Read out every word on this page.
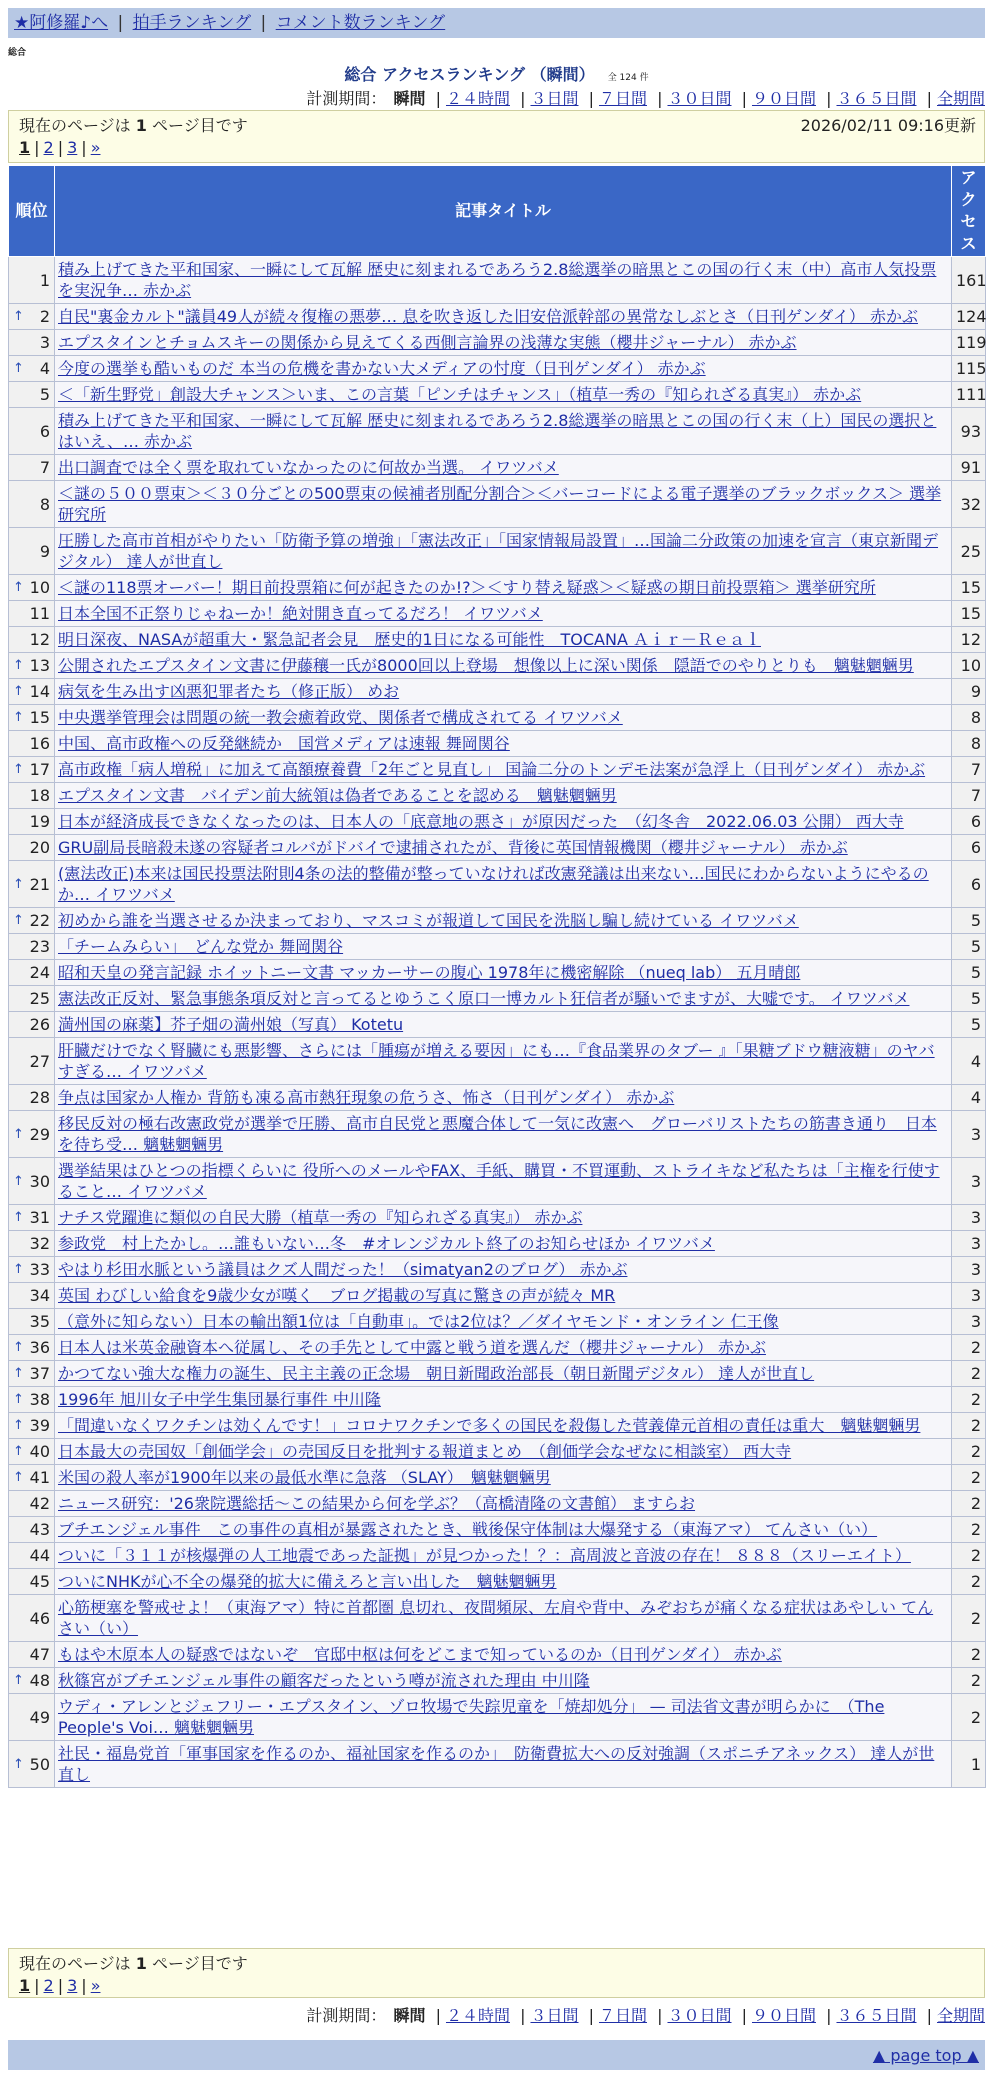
★阿修羅♪へ | 拍手ランキング | コメント数ランキング
総合
総合 アクセスランキング （瞬間） 全 124 件
計測期間： 瞬間 | ２４時間 | ３日間 | ７日間 | ３０日間 | ９０日間 | ３６５日間 | 全期間
現在のページは 1 ページ目です	2026/02/11 09:16更新
1 | 2 | 3 | »
順位	記事タイトル	アクセス
1	積み上げてきた平和国家、一瞬にして瓦解 歴史に刻まれるであろう2.8総選挙の暗黒とこの国の行く末（中）高市人気投票を実況争… 赤かぶ	161

↑ 2	自民"裏金カルト"議員49人が続々復権の悪夢… 息を吹き返した旧安倍派幹部の異常なしぶとさ（日刊ゲンダイ） 赤かぶ	124
3	エプスタインとチョムスキーの関係から見えてくる西側言論界の浅薄な実態（櫻井ジャーナル） 赤かぶ	119

↑ 4	今度の選挙も酷いものだ 本当の危機を書かない大メディアの忖度（日刊ゲンダイ） 赤かぶ	115
5	＜「新生野党」創設大チャンス＞いま、この言葉「ピンチはチャンス」（植草一秀の『知られざる真実』） 赤かぶ	111
6	積み上げてきた平和国家、一瞬にして瓦解 歴史に刻まれるであろう2.8総選挙の暗黒とこの国の行く末（上）国民の選択とはいえ、… 赤かぶ	93
7	出口調査では全く票を取れていなかったのに何故か当選。 イワツバメ	91
8	＜謎の５００票束＞＜３０分ごとの500票束の候補者別配分割合＞＜バーコードによる電子選挙のブラックボックス＞ 選挙研究所	32
9	圧勝した高市首相がやりたい「防衛予算の増強」「憲法改正」「国家情報局設置」…国論二分政策の加速を宣言（東京新聞デジタル） 達人が世直し	25

↑ 10	＜謎の118票オーバー！期日前投票箱に何が起きたのか!?＞＜すり替え疑惑＞＜疑惑の期日前投票箱＞ 選挙研究所	15
11	日本全国不正祭りじゃねーか！絶対開き直ってるだろ！ イワツバメ	15
12	明日深夜、NASAが超重大・緊急記者会見　歴史的1日になる可能性　TOCANA Ａｉｒ－Ｒｅａｌ	12

↑ 13	公開されたエプスタイン文書に伊藤穰一氏が8000回以上登場　想像以上に深い関係　隠語でのやりとりも　魑魅魍魎男	10

↑ 14	病気を生み出す凶悪犯罪者たち（修正版） めお	9

↑ 15	中央選挙管理会は問題の統一教会癒着政党、関係者で構成されてる イワツバメ	8
16	中国、高市政権への反発継続か　国営メディアは速報 舞岡関谷	8

↑ 17	高市政権「病人増税」に加えて高額療養費「2年ごと見直し」 国論二分のトンデモ法案が急浮上（日刊ゲンダイ） 赤かぶ	7
18	エプスタイン文書　バイデン前大統領は偽者であることを認める　魑魅魍魎男	7
19	日本が経済成長できなくなったのは、日本人の「底意地の悪さ」が原因だった　（幻冬舎　2022.06.03 公開） 西大寺	6
20	GRU副局長暗殺未遂の容疑者コルバがドバイで逮捕されたが、背後に英国情報機関（櫻井ジャーナル） 赤かぶ	6

↑ 21	(憲法改正)本来は国民投票法附則4条の法的整備が整っていなければ改憲発議は出来ない…国民にわからないようにやるのか… イワツバメ	6

↑ 22	初めから誰を当選させるか決まっており、マスコミが報道して国民を洗脳し騙し続けている イワツバメ	5
23	「チームみらい」　どんな党か 舞岡関谷	5
24	昭和天皇の発言記録 ホイットニー文書 マッカーサーの腹心 1978年に機密解除 （nueq lab） 五月晴郎	5
25	憲法改正反対、緊急事態条項反対と言ってるとゆうこく原口一博カルト狂信者が騒いでますが、大嘘です。 イワツバメ	5
26	満州国の麻薬】芥子畑の満州娘（写真） Kotetu	5
27	肝臓だけでなく腎臓にも悪影響、さらには「腫瘍が増える要因」にも…『食品業界のタブー 』「果糖ブドウ糖液糖」のヤバすぎる… イワツバメ	4
28	争点は国家か人権か 背筋も凍る高市熱狂現象の危うさ、怖さ（日刊ゲンダイ） 赤かぶ	4

↑ 29	移民反対の極右改憲政党が選挙で圧勝、高市自民党と悪魔合体して一気に改憲へ　グローバリストたちの筋書き通り　日本を待ち受… 魑魅魍魎男	3

↑ 30	選挙結果はひとつの指標くらいに 役所へのメールやFAX、手紙、購買・不買運動、ストライキなど私たちは「主権を行使すること… イワツバメ	3

↑ 31	ナチス党躍進に類似の自民大勝（植草一秀の『知られざる真実』） 赤かぶ	3
32	参政党　村上たかし。…誰もいない…冬　#オレンジカルト終了のお知らせほか イワツバメ	3

↑ 33	やはり杉田水脈という議員はクズ人間だった！（simatyan2のブログ） 赤かぶ	3
34	英国 わびしい給食を9歳少女が嘆く　ブログ掲載の写真に驚きの声が続々 MR	3
35	（意外に知らない）日本の輸出額1位は「自動車」。では2位は？／ダイヤモンド・オンライン 仁王像	3

↑ 36	日本人は米英金融資本へ従属し、その手先として中露と戦う道を選んだ（櫻井ジャーナル） 赤かぶ	2

↑ 37	かつてない強大な権力の誕生、民主主義の正念場　朝日新聞政治部長（朝日新聞デジタル） 達人が世直し	2

↑ 38	1996年 旭川女子中学生集団暴行事件 中川隆	2

↑ 39	「間違いなくワクチンは効くんです！」コロナワクチンで多くの国民を殺傷した菅義偉元首相の責任は重大　魑魅魍魎男	2

↑ 40	日本最大の売国奴「創価学会」の売国反日を批判する報道まとめ　（創価学会なぜなに相談室） 西大寺	2

↑ 41	米国の殺人率が1900年以来の最低水準に急落 （SLAY）　魑魅魍魎男	2
42	ニュース研究：'26衆院選総括～この結果から何を学ぶ？（高橋清隆の文書館） ますらお	2
43	ブチエンジェル事件　この事件の真相が暴露されたとき、戦後保守体制は大爆発する（東海アマ） てんさい（い）	2
44	ついに「３１１が核爆弾の人工地震であった証拠」が見つかった！？：高周波と音波の存在！ ８８８（スリーエイト）	2
45	ついにNHKが心不全の爆発的拡大に備えろと言い出した　魑魅魍魎男	2
46	心筋梗塞を警戒せよ！（東海アマ）特に首都圏 息切れ、夜間頻尿、左肩や背中、みぞおちが痛くなる症状はあやしい てんさい（い）	2
47	もはや木原本人の疑惑ではないぞ　官邸中枢は何をどこまで知っているのか（日刊ゲンダイ） 赤かぶ	2

↑ 48	秋篠宮がブチエンジェル事件の顧客だったという噂が流された理由 中川隆	2
49	ウディ・アレンとジェフリー・エプスタイン、ゾロ牧場で失踪児童を「焼却処分」 — 司法省文書が明らかに　（The People's Voi… 魑魅魍魎男	2

↑ 50	社民・福島党首「軍事国家を作るのか、福祉国家を作るのか」　防衛費拡大への反対強調（スポニチアネックス） 達人が世直し	1
現在のページは 1 ページ目です
1 | 2 | 3 | »
計測期間： 瞬間 | ２４時間 | ３日間 | ７日間 | ３０日間 | ９０日間 | ３６５日間 | 全期間
▲ page top ▲
